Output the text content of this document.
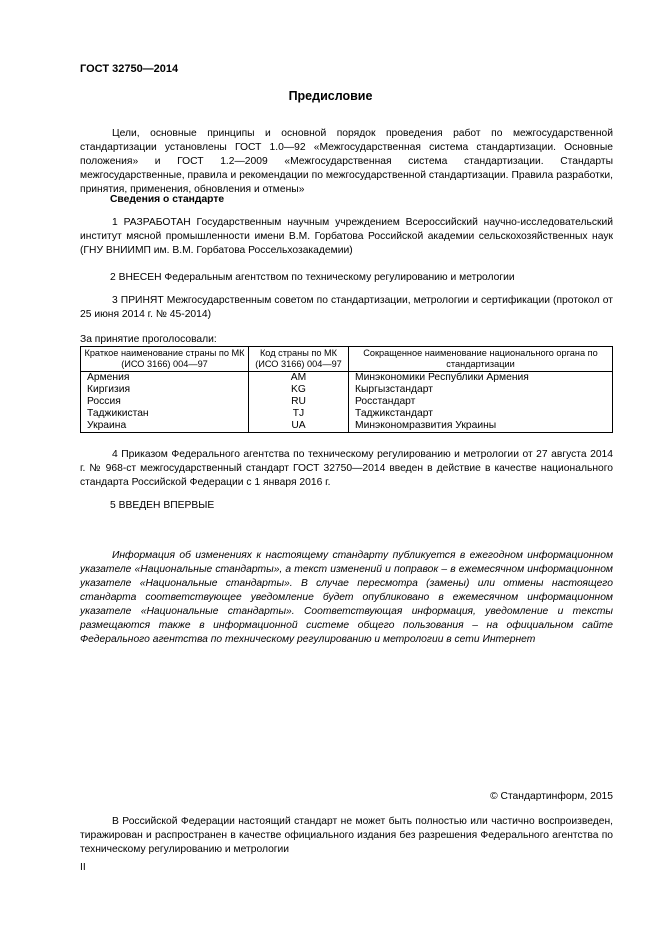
ГОСТ 32750—2014
Предисловие
Цели, основные принципы и основной порядок проведения работ по межгосударственной стандартизации установлены ГОСТ 1.0—92 «Межгосударственная система стандартизации. Основные положения» и ГОСТ 1.2—2009 «Межгосударственная система стандартизации. Стандарты межгосударственные, правила и рекомендации по межгосударственной стандартизации. Правила разработки, принятия, применения, обновления и отмены»
Сведения о стандарте
1 РАЗРАБОТАН Государственным научным учреждением Всероссийский научно-исследовательский институт мясной промышленности имени В.М. Горбатова Российской академии сельскохозяйственных наук (ГНУ ВНИИМП им. В.М. Горбатова Россельхозакадемии)
2 ВНЕСЕН Федеральным агентством по техническому регулированию и метрологии
3 ПРИНЯТ Межгосударственным советом по стандартизации, метрологии и сертификации (протокол от 25 июня 2014 г. № 45-2014)
За принятие проголосовали:
Краткое наименование страны по МК (ИСО 3166) 004—97	Код страны по МК (ИСО 3166) 004—97	Сокращенное наименование национального органа по стандартизации
Армения	AM	Минэкономики Республики Армения
Киргизия	KG	Кыргызстандарт
Россия	RU	Росстандарт
Таджикистан	TJ	Таджикстандарт
Украина	UA	Минэкономразвития Украины
4 Приказом Федерального агентства по техническому регулированию и метрологии от 27 августа 2014 г. № 968-ст межгосударственный стандарт ГОСТ 32750—2014 введен в действие в качестве национального стандарта Российской Федерации с 1 января 2016 г.
5 ВВЕДЕН ВПЕРВЫЕ
Информация об изменениях к настоящему стандарту публикуется в ежегодном информационном указателе «Национальные стандарты», а текст изменений и поправок – в ежемесячном информационном указателе «Национальные стандарты». В случае пересмотра (замены) или отмены настоящего стандарта соответствующее уведомление будет опубликовано в ежемесячном информационном указателе «Национальные стандарты». Соответствующая информация, уведомление и тексты размещаются также в информационной системе общего пользования – на официальном сайте Федерального агентства по техническому регулированию и метрологии в сети Интернет
© Стандартинформ, 2015
В Российской Федерации настоящий стандарт не может быть полностью или частично воспроизведен, тиражирован и распространен в качестве официального издания без разрешения Федерального агентства по техническому регулированию и метрологии
II
